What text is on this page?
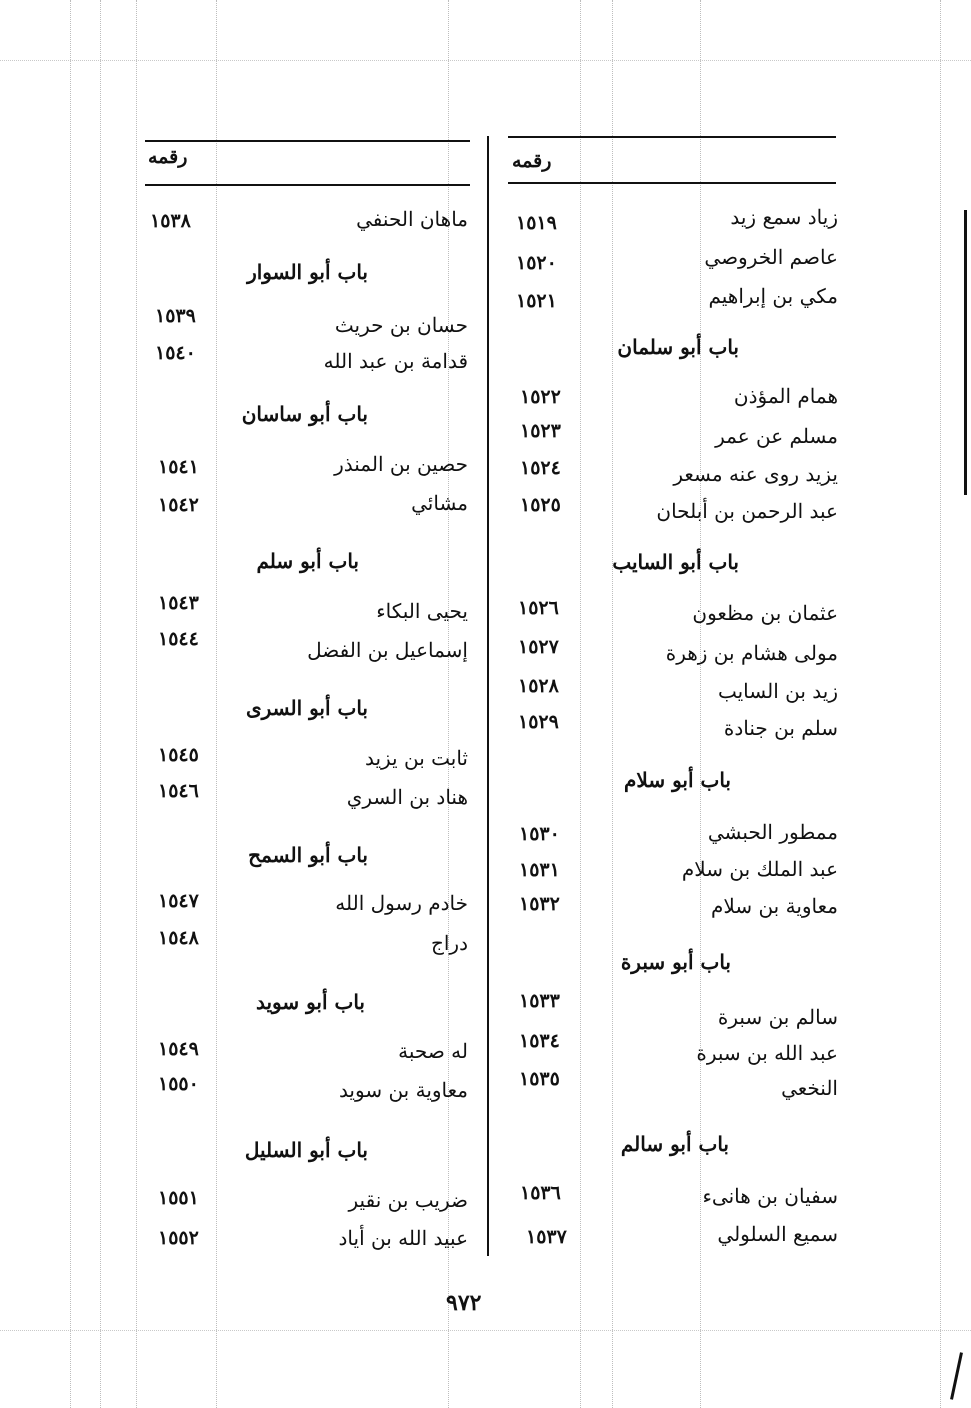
رقمه	رقمه
زياد سمع زيد
١٥١٩
عاصم الخروصي
١٥٢٠
مكي بن إبراهيم
١٥٢١
باب أبو سلمان
همام المؤذن
١٥٢٢
مسلم عن عمر
١٥٢٣
يزيد روى عنه مسعر
١٥٢٤
عبد الرحمن بن أبلحان
١٥٢٥
باب أبو السايب
عثمان بن مظعون
١٥٢٦
مولى هشام بن زهرة
١٥٢٧
زيد بن السايب
١٥٢٨
سلم بن جنادة
١٥٢٩
باب أبو سلام
ممطور الحبشي
١٥٣٠
عبد الملك بن سلام
١٥٣١
معاوية بن سلام
١٥٣٢
باب أبو سبرة
سالم بن سبرة
١٥٣٣
عبد الله بن سبرة
١٥٣٤
النخعي
١٥٣٥
باب أبو سالم
سفيان بن هانىء
١٥٣٦
سميع السلولي
١٥٣٧
ماهان الحنفي
١٥٣٨
باب أبو السوار
حسان بن حريث
١٥٣٩
قدامة بن عبد الله
١٥٤٠
باب أبو ساسان
حصين بن المنذر
١٥٤١
مشائي
١٥٤٢
باب أبو سلم
يحيى البكاء
١٥٤٣
إسماعيل بن الفضل
١٥٤٤
باب أبو السرى
ثابت بن يزيد
١٥٤٥
هناد بن السري
١٥٤٦
باب أبو السمح
خادم رسول الله
١٥٤٧
دراج
١٥٤٨
باب أبو سويد
له صحبة
١٥٤٩
معاوية بن سويد
١٥٥٠
باب أبو السليل
ضريب بن نقير
١٥٥١
عبيد الله بن أياد
١٥٥٢
٩٧٢
